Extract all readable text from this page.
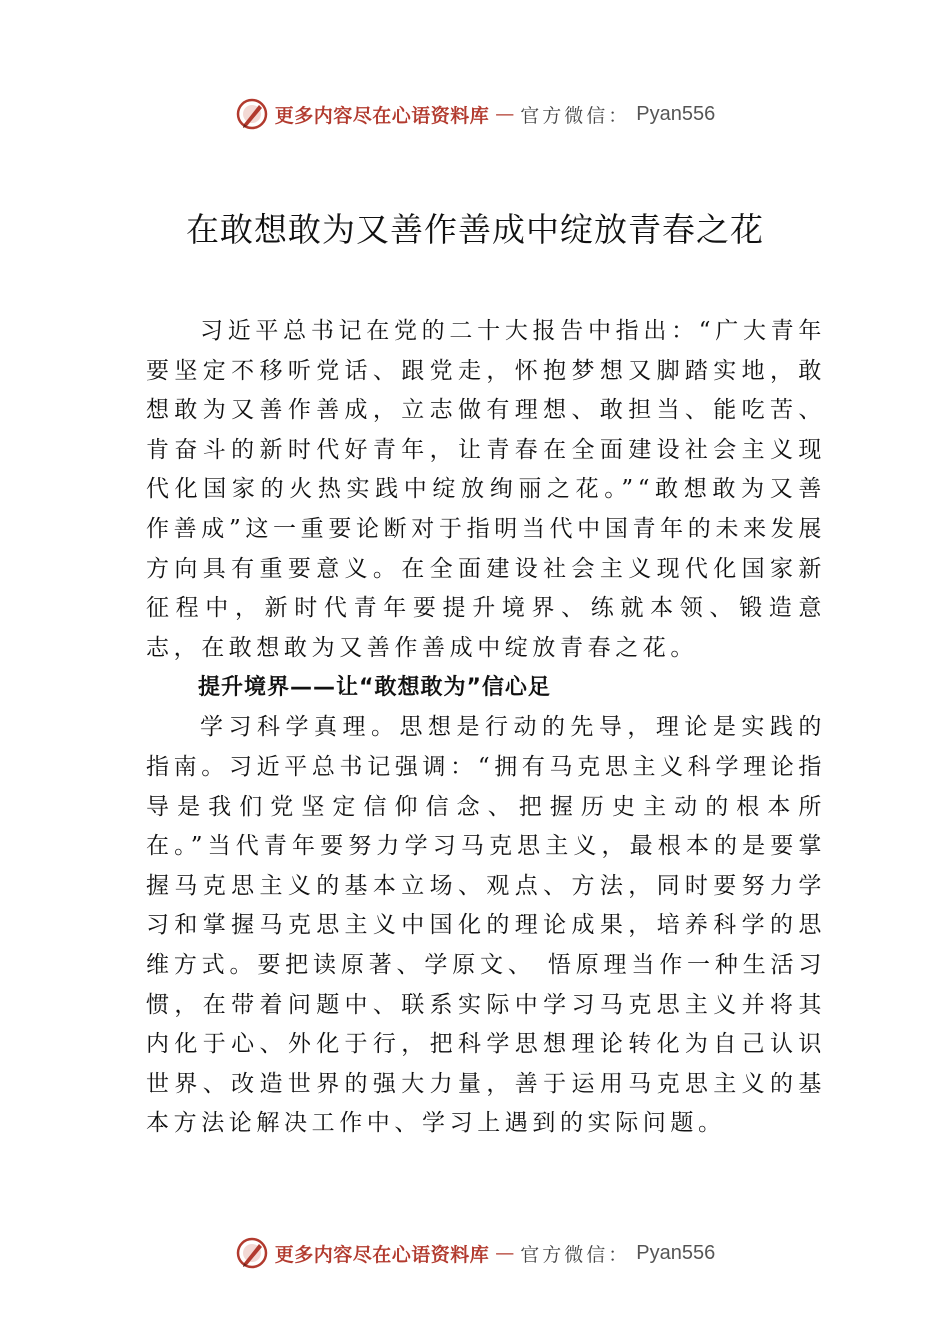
更多内容尽在心语资料库 — 官方微信： Pyan556
在敢想敢为又善作善成中绽放青春之花

习近平总书记在党的二十大报告中指出：“广大青年要坚定不移听党话、跟党走，怀抱梦想又脚踏实地，敢想敢为又善作善成，立志做有理想、敢担当、能吃苦、肯奋斗的新时代好青年，让青春在全面建设社会主义现代化国家的火热实践中绽放绚丽之花。”“敢想敢为又善作善成”这一重要论断对于指明当代中国青年的未来发展方向具有重要意义。在全面建设社会主义现代化国家新征程中，新时代青年要提升境界、练就本领、锻造意志，在敢想敢为又善作善成中绽放青春之花。

提升境界——让“敢想敢为”信心足

学习科学真理。思想是行动的先导，理论是实践的指南。习近平总书记强调：“拥有马克思主义科学理论指导是我们党坚定信仰信念、把握历史主动的根本所在。”当代青年要努力学习马克思主义，最根本的是要掌握马克思主义的基本立场、观点、方法，同时要努力学习和掌握马克思主义中国化的理论成果，培养科学的思维方式。要把读原著、学原文、 悟原理当作一种生活习惯，在带着问题中、联系实际中学习马克思主义并将其内化于心、外化于行，把科学思想理论转化为自己认识世界、改造世界的强大力量，善于运用马克思主义的基本方法论解决工作中、学习上遇到的实际问题。

更多内容尽在心语资料库 — 官方微信： Pyan556
